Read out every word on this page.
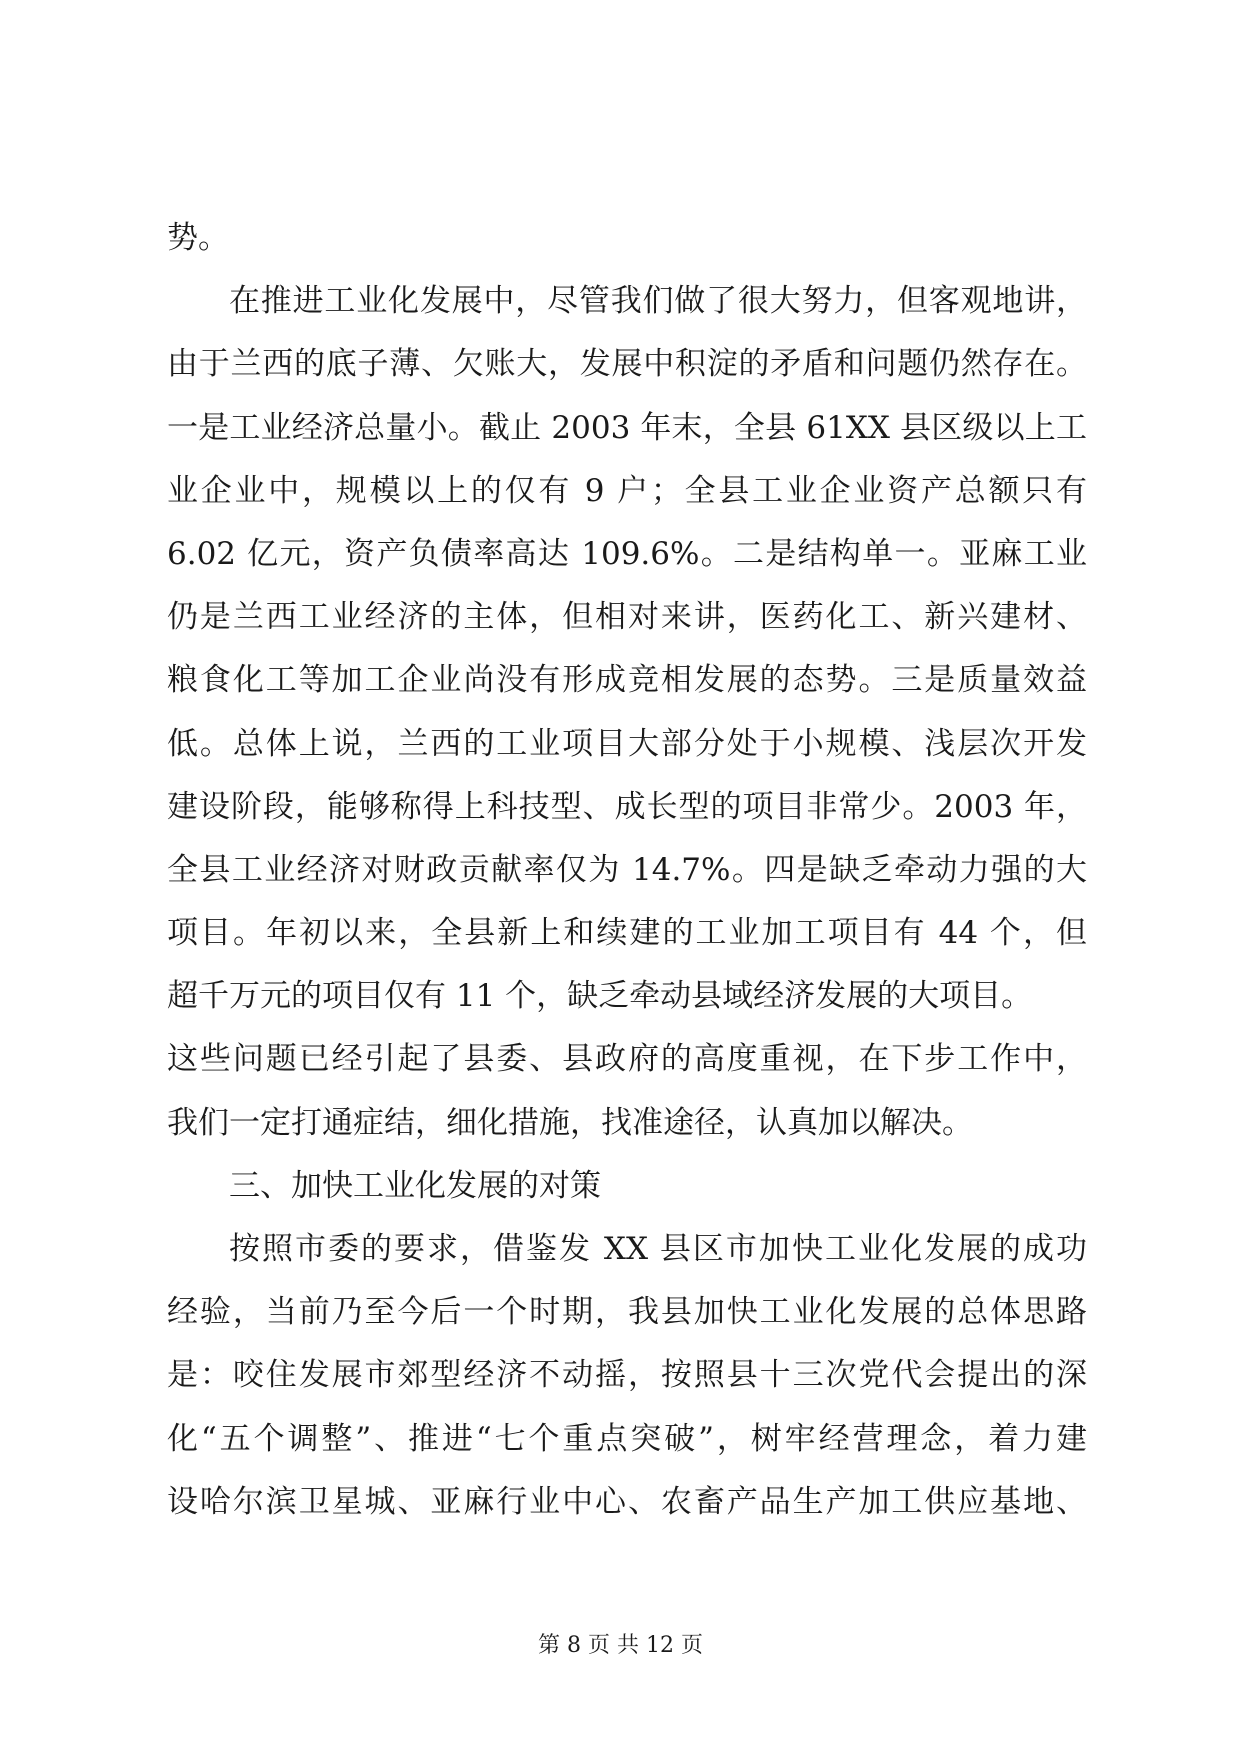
势。
在推进工业化发展中，尽管我们做了很大努力，但客观地讲，
由于兰西的底子薄、欠账大，发展中积淀的矛盾和问题仍然存在。
一是工业经济总量小。截止 2003 年末，全县 61XX 县区级以上工
业企业中，规模以上的仅有 9 户；全县工业企业资产总额只有
6.02 亿元，资产负债率高达 109.6%。二是结构单一。亚麻工业
仍是兰西工业经济的主体，但相对来讲，医药化工、新兴建材、
粮食化工等加工企业尚没有形成竞相发展的态势。三是质量效益
低。总体上说，兰西的工业项目大部分处于小规模、浅层次开发
建设阶段，能够称得上科技型、成长型的项目非常少。2003 年，
全县工业经济对财政贡献率仅为 14.7%。四是缺乏牵动力强的大
项目。年初以来，全县新上和续建的工业加工项目有 44 个，但
超千万元的项目仅有 11 个，缺乏牵动县域经济发展的大项目。
这些问题已经引起了县委、县政府的高度重视，在下步工作中，
我们一定打通症结，细化措施，找准途径，认真加以解决。
三、加快工业化发展的对策
按照市委的要求，借鉴发 XX 县区市加快工业化发展的成功
经验，当前乃至今后一个时期，我县加快工业化发展的总体思路
是：咬住发展市郊型经济不动摇，按照县十三次党代会提出的深
化“五个调整”、推进“七个重点突破”，树牢经营理念，着力建
设哈尔滨卫星城、亚麻行业中心、农畜产品生产加工供应基地、
第 8 页 共 12 页
